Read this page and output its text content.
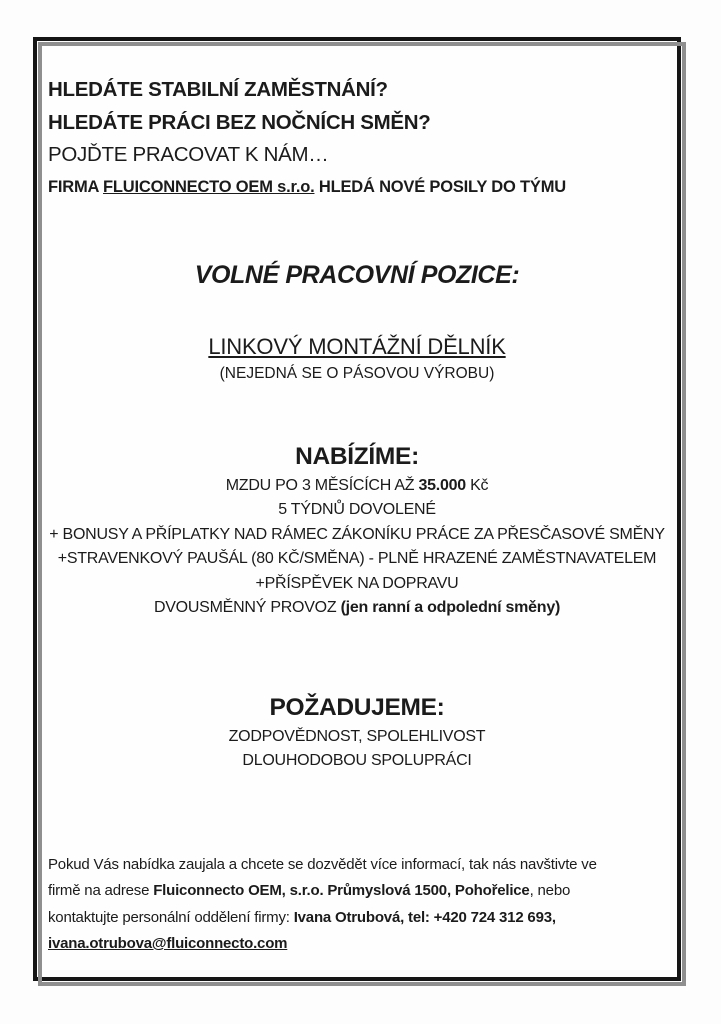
HLEDÁTE STABILNÍ ZAMĚSTNÁNÍ?
HLEDÁTE PRÁCI BEZ NOČNÍCH SMĚN?
POJĎTE PRACOVAT K NÁM…
FIRMA FLUICONNECTO OEM s.r.o. HLEDÁ NOVÉ POSILY DO TÝMU
VOLNÉ PRACOVNÍ POZICE:
LINKOVÝ MONTÁŽNÍ DĚLNÍK
(NEJEDNÁ SE O PÁSOVOU VÝROBU)
NABÍZÍME:
MZDU PO 3 MĚSÍCÍCH AŽ 35.000 Kč
5 TÝDNŮ DOVOLENÉ
+ BONUSY A PŘÍPLATKY NAD RÁMEC ZÁKONÍKU PRÁCE ZA PŘESČASOVÉ SMĚNY
+STRAVENKOVÝ PAUŠÁL (80 KČ/SMĚNA) - PLNĚ HRAZENÉ ZAMĚSTNAVATELEM
+PŘÍSPĚVEK NA DOPRAVU
DVOUSMĚNNÝ PROVOZ (jen ranní a odpolední směny)
POŽADUJEME:
ZODPOVĚDNOST, SPOLEHLIVOST
DLOUHODOBOU SPOLUPRÁCI
Pokud Vás nabídka zaujala a chcete se dozvědět více informací, tak nás navštivte ve
firmě na adrese Fluiconnecto OEM, s.r.o. Průmyslová 1500, Pohořelice, nebo
kontaktujte personální oddělení firmy: Ivana Otrubová, tel: +420 724 312 693,
ivana.otrubova@fluiconnecto.com
